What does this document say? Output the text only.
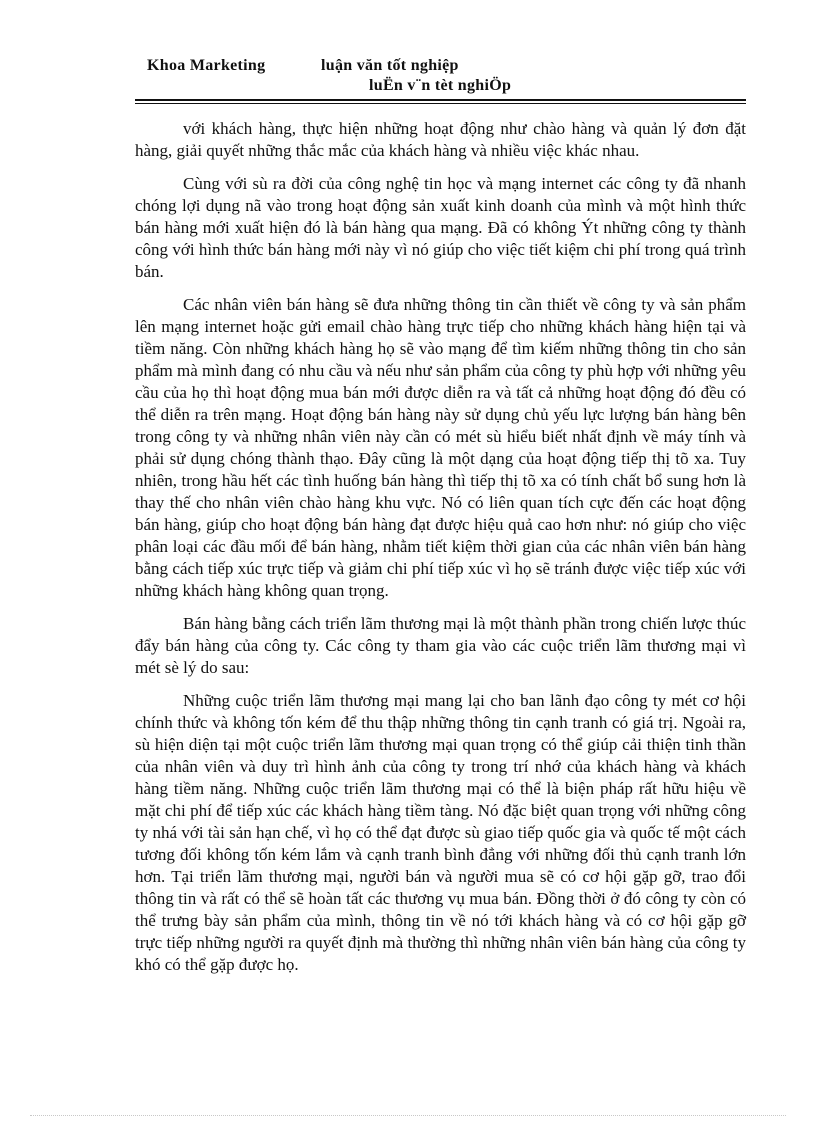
Khoa Marketing	luận văn tốt nghiệp
luËn v¨n tèt nghiÖp

với khách hàng, thực hiện những hoạt động như chào hàng và quản lý đơn đặt hàng, giải quyết những thắc mắc của khách hàng và nhiều việc khác nhau.

Cùng với sù ra đời của công nghệ tin học và mạng internet các công ty đã nhanh chóng lợi dụng nã vào trong hoạt động sản xuất kinh doanh của mình và một hình thức bán hàng mới xuất hiện đó là bán hàng qua mạng. Đã có không Ýt những công ty thành công với hình thức bán hàng mới này vì nó giúp cho việc tiết kiệm chi phí trong quá trình bán.

Các nhân viên bán hàng sẽ đưa những thông tin cần thiết về công ty và sản phẩm lên mạng internet hoặc gửi email chào hàng trực tiếp cho những khách hàng hiện tại và tiềm năng. Còn những khách hàng họ sẽ vào mạng để tìm kiếm những thông tin cho sản phẩm mà mình đang có nhu cầu và nếu như sản phẩm của công ty phù hợp với những yêu cầu của họ thì hoạt động mua bán mới được diễn ra và tất cả những hoạt động đó đều có thể diễn ra trên mạng. Hoạt động bán hàng này sử dụng chủ yếu lực lượng bán hàng bên trong công ty và những nhân viên này cần có mét sù hiểu biết nhất định về máy tính và phải sử dụng chóng thành thạo. Đây cũng là một dạng của hoạt động tiếp thị tõ xa. Tuy nhiên, trong hầu hết các tình huống bán hàng thì tiếp thị tõ xa có tính chất bổ sung hơn là thay thế cho nhân viên chào hàng khu vực. Nó có liên quan tích cực đến các hoạt động bán hàng, giúp cho hoạt động bán hàng đạt được hiệu quả cao hơn như: nó giúp cho việc phân loại các đầu mối để bán hàng, nhằm tiết kiệm thời gian của các nhân viên bán hàng bằng cách tiếp xúc trực tiếp và giảm chi phí tiếp xúc vì họ sẽ tránh được việc tiếp xúc với những khách hàng không quan trọng.

Bán hàng bằng cách triển lãm thương mại là một thành phần trong chiến lược thúc đẩy bán hàng của công ty. Các công ty tham gia vào các cuộc triển lãm thương mại vì mét sè lý do sau:

Những cuộc triển lãm thương mại mang lại cho ban lãnh đạo công ty mét cơ hội chính thức và không tốn kém để thu thập những thông tin cạnh tranh có giá trị. Ngoài ra, sù hiện diện tại một cuộc triển lãm thương mại quan trọng có thể giúp cải thiện tinh thần của nhân viên và duy trì hình ảnh của công ty trong trí nhớ của khách hàng và khách hàng tiềm năng. Những cuộc triển lãm thương mại có thể là biện pháp rất hữu hiệu về mặt chi phí để tiếp xúc các khách hàng tiềm tàng. Nó đặc biệt quan trọng với những công ty nhá với tài sản hạn chế, vì họ có thể đạt được sù giao tiếp quốc gia và quốc tế một cách tương đối không tốn kém lắm và cạnh tranh bình đẳng với những đối thủ cạnh tranh lớn hơn. Tại triển lãm thương mại, người bán và người mua sẽ có cơ hội gặp gỡ, trao đổi thông tin và rất có thể sẽ hoàn tất các thương vụ mua bán. Đồng thời ở đó công ty còn có thể trưng bày sản phẩm của mình, thông tin về nó tới khách hàng và có cơ hội gặp gỡ trực tiếp những người ra quyết định mà thường thì những nhân viên bán hàng của công ty khó có thể gặp được họ.
